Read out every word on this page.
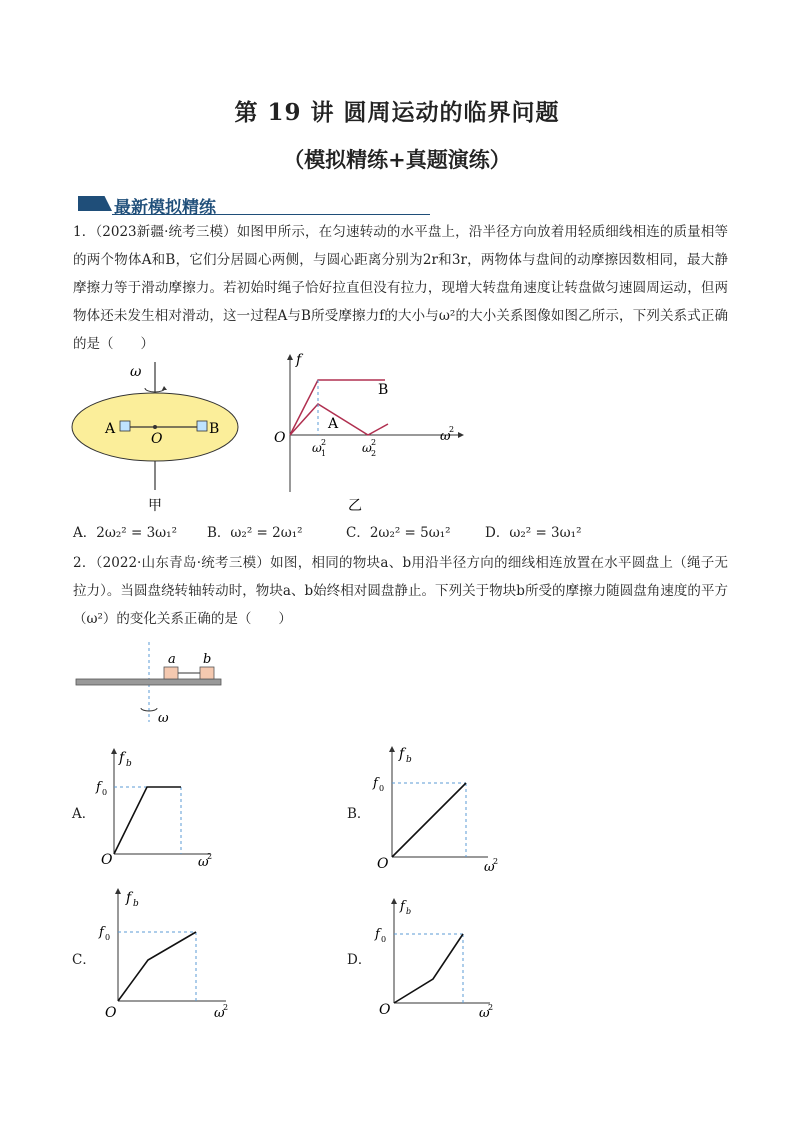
第 19 讲 圆周运动的临界问题
（模拟精练+真题演练）
最新模拟精练
1．（2023新疆·统考三模）如图甲所示，在匀速转动的水平盘上，沿半径方向放着用轻质细线相连的质量相等的两个物体A和B，它们分居圆心两侧，与圆心距离分别为2r和3r，两物体与盘间的动摩擦因数相同，最大静摩擦力等于滑动摩擦力。若初始时绳子恰好拉直但没有拉力，现增大转盘角速度让转盘做匀速圆周运动，但两物体还未发生相对滑动，这一过程A与B所受摩擦力f的大小与ω²的大小关系图像如图乙所示，下列关系式正确的是（　　）
ω
A
O
B
甲
f
O
B
A
ω 1
2	ω 2
2	ω
2
乙
A．2ω₂² = 3ω₁² B．ω₂² = 2ω₁²	C．2ω₂² = 5ω₁²	D．ω₂² = 3ω₁²
2．（2022·山东青岛·统考三模）如图，相同的物块a、b用沿半径方向的细线相连放置在水平圆盘上（绳子无拉力）。当圆盘绕转轴转动时，物块a、b始终相对圆盘静止。下列关于物块b所受的摩擦力随圆盘角速度的平方（ω²）的变化关系正确的是（　　）
a b
ω
A．
f b
f 0
O	ω
2
B．
f b
f 0
O	ω
2
C．
f b
f 0
O	ω
2
D．
f b
f 0
O	ω
2
